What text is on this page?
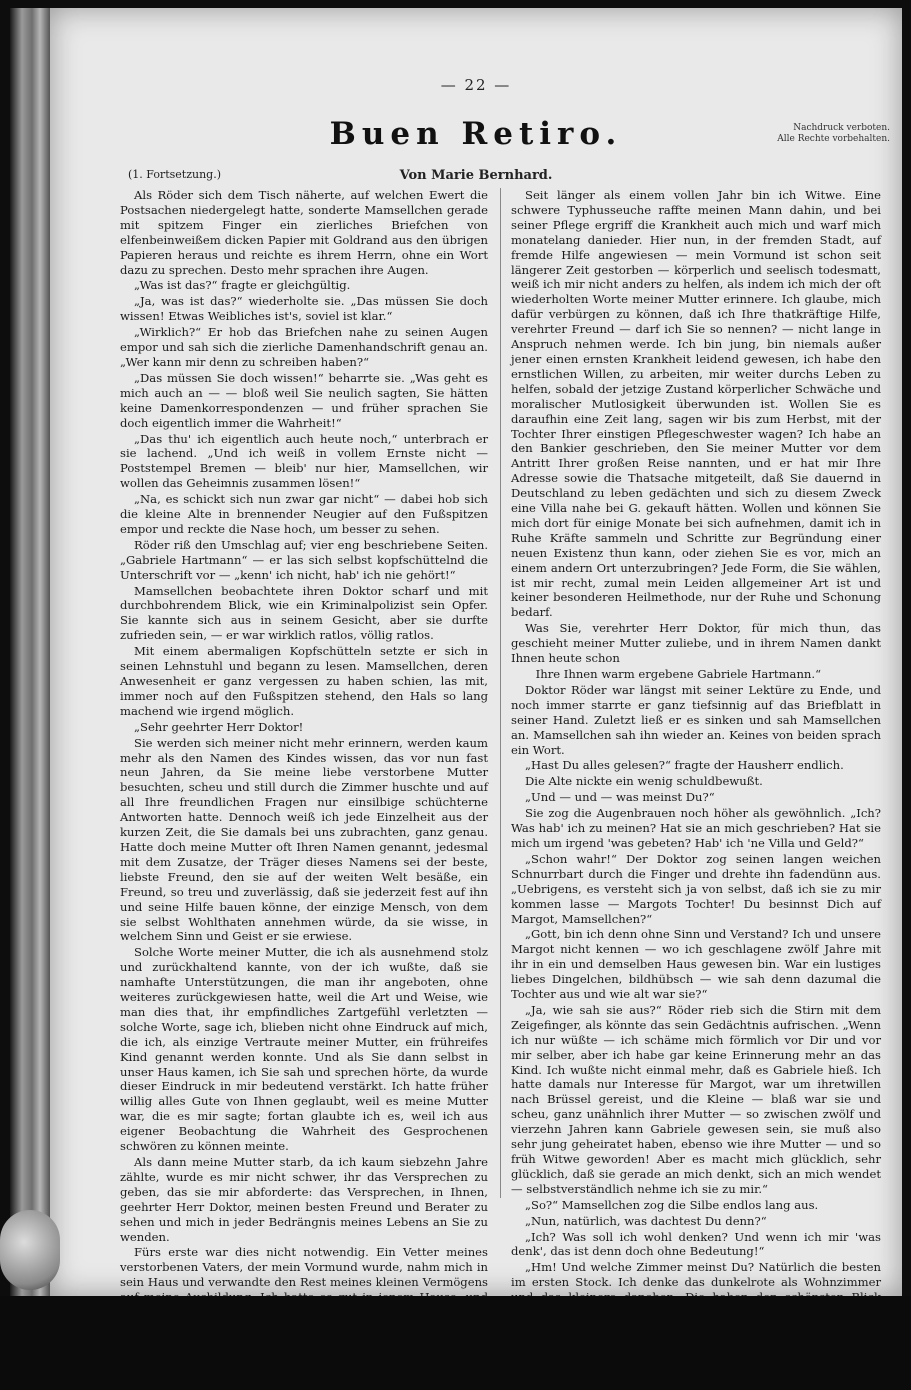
— 22 —
Buen Retiro.	Nachdruck verboten.
Alle Rechte vorbehalten.
(1. Fortsetzung.)	Von Marie Bernhard.

Als Röder sich dem Tisch näherte, auf welchen Ewert die Postsachen niedergelegt hatte, sonderte Mamsellchen gerade mit spitzem Finger ein zierliches Briefchen von elfenbeinweißem dicken Papier mit Goldrand aus den übrigen Papieren heraus und reichte es ihrem Herrn, ohne ein Wort dazu zu sprechen. Desto mehr sprachen ihre Augen.

„Was ist das?“ fragte er gleichgültig.

„Ja, was ist das?“ wiederholte sie. „Das müssen Sie doch wissen! Etwas Weibliches ist's, soviel ist klar.“

„Wirklich?“ Er hob das Briefchen nahe zu seinen Augen empor und sah sich die zierliche Damenhandschrift genau an. „Wer kann mir denn zu schreiben haben?“

„Das müssen Sie doch wissen!“ beharrte sie. „Was geht es mich auch an — — bloß weil Sie neulich sagten, Sie hätten keine Damenkorrespondenzen — und früher sprachen Sie doch eigentlich immer die Wahrheit!“

„Das thu' ich eigentlich auch heute noch,“ unterbrach er sie lachend. „Und ich weiß in vollem Ernste nicht — Poststempel Bremen — bleib' nur hier, Mamsellchen, wir wollen das Geheimnis zusammen lösen!“

„Na, es schickt sich nun zwar gar nicht“ — dabei hob sich die kleine Alte in brennender Neugier auf den Fußspitzen empor und reckte die Nase hoch, um besser zu sehen.

Röder riß den Umschlag auf; vier eng beschriebene Seiten. „Gabriele Hartmann“ — er las sich selbst kopfschüttelnd die Unterschrift vor — „kenn' ich nicht, hab' ich nie gehört!“

Mamsellchen beobachtete ihren Doktor scharf und mit durchbohrendem Blick, wie ein Kriminalpolizist sein Opfer. Sie kannte sich aus in seinem Gesicht, aber sie durfte zufrieden sein, — er war wirklich ratlos, völlig ratlos.

Mit einem abermaligen Kopfschütteln setzte er sich in seinen Lehnstuhl und begann zu lesen. Mamsellchen, deren Anwesenheit er ganz vergessen zu haben schien, las mit, immer noch auf den Fußspitzen stehend, den Hals so lang machend wie irgend möglich.

„Sehr geehrter Herr Doktor!

Sie werden sich meiner nicht mehr erinnern, werden kaum mehr als den Namen des Kindes wissen, das vor nun fast neun Jahren, da Sie meine liebe verstorbene Mutter besuchten, scheu und still durch die Zimmer huschte und auf all Ihre freundlichen Fragen nur einsilbige schüchterne Antworten hatte. Dennoch weiß ich jede Einzelheit aus der kurzen Zeit, die Sie damals bei uns zubrachten, ganz genau. Hatte doch meine Mutter oft Ihren Namen genannt, jedesmal mit dem Zusatze, der Träger dieses Namens sei der beste, liebste Freund, den sie auf der weiten Welt besäße, ein Freund, so treu und zuverlässig, daß sie jederzeit fest auf ihn und seine Hilfe bauen könne, der einzige Mensch, von dem sie selbst Wohlthaten annehmen würde, da sie wisse, in welchem Sinn und Geist er sie erwiese.

Solche Worte meiner Mutter, die ich als ausnehmend stolz und zurückhaltend kannte, von der ich wußte, daß sie namhafte Unterstützungen, die man ihr angeboten, ohne weiteres zurückgewiesen hatte, weil die Art und Weise, wie man dies that, ihr empfindliches Zartgefühl verletzten — solche Worte, sage ich, blieben nicht ohne Eindruck auf mich, die ich, als einzige Vertraute meiner Mutter, ein frühreifes Kind genannt werden konnte. Und als Sie dann selbst in unser Haus kamen, ich Sie sah und sprechen hörte, da wurde dieser Eindruck in mir bedeutend verstärkt. Ich hatte früher willig alles Gute von Ihnen geglaubt, weil es meine Mutter war, die es mir sagte; fortan glaubte ich es, weil ich aus eigener Beobachtung die Wahrheit des Gesprochenen schwören zu können meinte.

Als dann meine Mutter starb, da ich kaum siebzehn Jahre zählte, wurde es mir nicht schwer, ihr das Versprechen zu geben, das sie mir abforderte: das Versprechen, in Ihnen, geehrter Herr Doktor, meinen besten Freund und Berater zu sehen und mich in jeder Bedrängnis meines Lebens an Sie zu wenden.

Fürs erste war dies nicht notwendig. Ein Vetter meines verstorbenen Vaters, der mein Vormund wurde, nahm mich in sein Haus und verwandte den Rest meines kleinen Vermögens

Seit länger als einem vollen Jahr bin ich Witwe. Eine schwere Typhusseuche raffte meinen Mann dahin, und bei seiner Pflege ergriff die Krankheit auch mich und warf mich monatelang danieder. Hier nun, in der fremden Stadt, auf fremde Hilfe angewiesen — mein Vormund ist schon seit längerer Zeit gestorben — körperlich und seelisch todesmatt, weiß ich mir nicht anders zu helfen, als indem ich mich der oft wiederholten Worte meiner Mutter erinnere. Ich glaube, mich dafür verbürgen zu können, daß ich Ihre thatkräftige Hilfe, verehrter Freund — darf ich Sie so nennen? — nicht lange in Anspruch nehmen werde. Ich bin jung, bin niemals außer jener einen ernsten Krankheit leidend gewesen, ich habe den ernstlichen Willen, zu arbeiten, mir weiter durchs Leben zu helfen, sobald der jetzige Zustand körperlicher Schwäche und moralischer Mutlosigkeit überwunden ist. Wollen Sie es daraufhin eine Zeit lang, sagen wir bis zum Herbst, mit der Tochter Ihrer einstigen Pflegeschwester wagen? Ich habe an den Bankier geschrieben, den Sie meiner Mutter vor dem Antritt Ihrer großen Reise nannten, und er hat mir Ihre Adresse sowie die Thatsache mitgeteilt, daß Sie dauernd in Deutschland zu leben gedächten und sich zu diesem Zweck eine Villa nahe bei G. gekauft hätten. Wollen und können Sie mich dort für einige Monate bei sich aufnehmen, damit ich in Ruhe Kräfte sammeln und Schritte zur Begründung einer neuen Existenz thun kann, oder ziehen Sie es vor, mich an einem andern Ort unterzubringen? Jede Form, die Sie wählen, ist mir recht, zumal mein Leiden allgemeiner Art ist und keiner besonderen Heilmethode, nur der Ruhe und Schonung bedarf.

Was Sie, verehrter Herr Doktor, für mich thun, das geschieht meiner Mutter zuliebe, und in ihrem Namen dankt Ihnen heute schon

Ihre Ihnen warm ergebene Gabriele Hartmann.“

Doktor Röder war längst mit seiner Lektüre zu Ende, und noch immer starrte er ganz tiefsinnig auf das Briefblatt in seiner Hand. Zuletzt ließ er es sinken und sah Mamsellchen an. Mamsellchen sah ihn wieder an. Keines von beiden sprach ein Wort.

„Hast Du alles gelesen?“ fragte der Hausherr endlich.

Die Alte nickte ein wenig schuldbewußt.

„Und — und — was meinst Du?“

Sie zog die Augenbrauen noch höher als gewöhnlich. „Ich? Was hab' ich zu meinen? Hat sie an mich geschrieben? Hat sie mich um irgend 'was gebeten? Hab' ich 'ne Villa und Geld?“

„Schon wahr!“ Der Doktor zog seinen langen weichen Schnurrbart durch die Finger und drehte ihn fadendünn aus. „Uebrigens, es versteht sich ja von selbst, daß ich sie zu mir kommen lasse — Margots Tochter! Du besinnst Dich auf Margot, Mamsellchen?“

„Gott, bin ich denn ohne Sinn und Verstand? Ich und unsere Margot nicht kennen — wo ich geschlagene zwölf Jahre mit ihr in ein und demselben Haus gewesen bin. War ein lustiges liebes Dingelchen, bildhübsch — wie sah denn dazumal die Tochter aus und wie alt war sie?“

„Ja, wie sah sie aus?“ Röder rieb sich die Stirn mit dem Zeigefinger, als könnte das sein Gedächtnis aufrischen. „Wenn ich nur wüßte — ich schäme mich förmlich vor Dir und vor mir selber, aber ich habe gar keine Erinnerung mehr an das Kind. Ich wußte nicht einmal mehr, daß es Gabriele hieß. Ich hatte damals nur Interesse für Margot, war um ihretwillen nach Brüssel gereist, und die Kleine — blaß war sie und scheu, ganz unähnlich ihrer Mutter — so zwischen zwölf und vierzehn Jahren kann Gabriele gewesen sein, sie muß also sehr jung geheiratet haben, ebenso wie ihre Mutter — und so früh Witwe geworden! Aber es macht mich glücklich, sehr glücklich, daß sie gerade an mich denkt, sich an mich wendet — selbstverständlich nehme ich sie zu mir.“

„So?“ Mamsellchen zog die Silbe endlos lang aus.

„Nun, natürlich, was dachtest Du denn?“

„Ich? Was soll ich wohl denken? Und wenn ich mir 'was denk', das ist denn doch ohne Bedeutung!“

„Hm! Und welche Zimmer meinst Du? Natürlich die besten im ersten Stock. Ich denke das dunkelrote als Wohnzimmer
